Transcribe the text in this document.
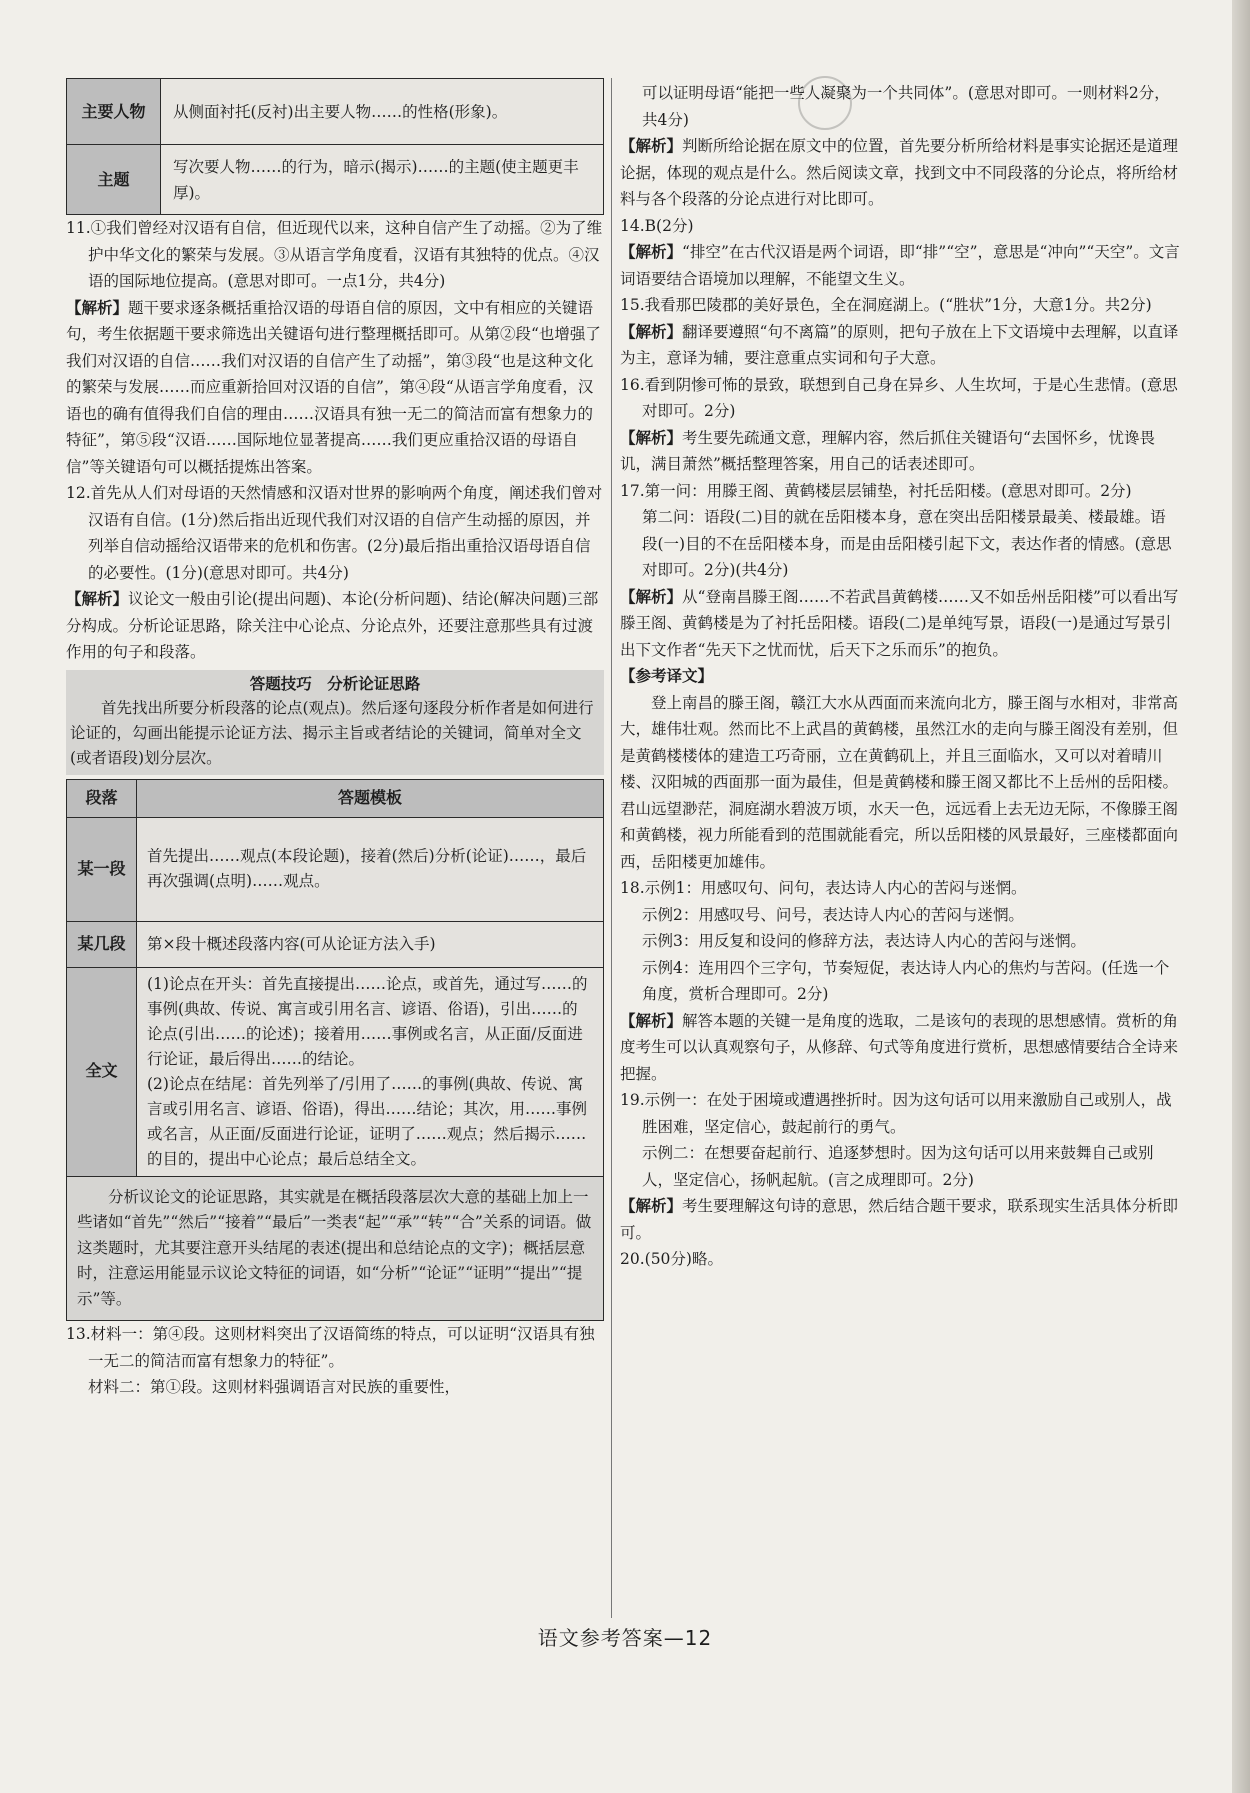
主要人物	从侧面衬托(反衬)出主要人物……的性格(形象)。
主题	写次要人物……的行为，暗示(揭示)……的主题(使主题更丰厚)。

11.①我们曾经对汉语有自信，但近现代以来，这种自信产生了动摇。②为了维护中华文化的繁荣与发展。③从语言学角度看，汉语有其独特的优点。④汉语的国际地位提高。(意思对即可。一点1分，共4分)

【解析】题干要求逐条概括重拾汉语的母语自信的原因，文中有相应的关键语句，考生依据题干要求筛选出关键语句进行整理概括即可。从第②段“也增强了我们对汉语的自信……我们对汉语的自信产生了动摇”，第③段“也是这种文化的繁荣与发展……而应重新拾回对汉语的自信”，第④段“从语言学角度看，汉语也的确有值得我们自信的理由……汉语具有独一无二的简洁而富有想象力的特征”，第⑤段“汉语……国际地位显著提高……我们更应重拾汉语的母语自信”等关键语句可以概括提炼出答案。

12.首先从人们对母语的天然情感和汉语对世界的影响两个角度，阐述我们曾对汉语有自信。(1分)然后指出近现代我们对汉语的自信产生动摇的原因，并列举自信动摇给汉语带来的危机和伤害。(2分)最后指出重拾汉语母语自信的必要性。(1分)(意思对即可。共4分)

【解析】议论文一般由引论(提出问题)、本论(分析问题)、结论(解决问题)三部分构成。分析论证思路，除关注中心论点、分论点外，还要注意那些具有过渡作用的句子和段落。

答题技巧　分析论证思路
首先找出所要分析段落的论点(观点)。然后逐句逐段分析作者是如何进行论证的，勾画出能提示论证方法、揭示主旨或者结论的关键词，简单对全文(或者语段)划分层次。
段落	答题模板
某一段	首先提出……观点(本段论题)，接着(然后)分析(论证)……，最后再次强调(点明)……观点。
某几段	第×段十概述段落内容(可从论证方法入手)
全文	(1)论点在开头：首先直接提出……论点，或首先，通过写……的事例(典故、传说、寓言或引用名言、谚语、俗语)，引出……的论点(引出……的论述)；接着用……事例或名言，从正面/反面进行论证，最后得出……的结论。
(2)论点在结尾：首先列举了/引用了……的事例(典故、传说、寓言或引用名言、谚语、俗语)，得出……结论；其次，用……事例或名言，从正面/反面进行论证，证明了……观点；然后揭示……的目的，提出中心论点；最后总结全文。

分析议论文的论证思路，其实就是在概括段落层次大意的基础上加上一些诸如“首先”“然后”“接着”“最后”一类表“起”“承”“转”“合”关系的词语。做这类题时，尤其要注意开头结尾的表述(提出和总结论点的文字)；概括层意时，注意运用能显示议论文特征的词语，如“分析”“论证”“证明”“提出”“提示”等。	

13.材料一：第④段。这则材料突出了汉语简练的特点，可以证明“汉语具有独一无二的简洁而富有想象力的特征”。

材料二：第①段。这则材料强调语言对民族的重要性，

可以证明母语“能把一些人凝聚为一个共同体”。(意思对即可。一则材料2分，共4分)

【解析】判断所给论据在原文中的位置，首先要分析所给材料是事实论据还是道理论据，体现的观点是什么。然后阅读文章，找到文中不同段落的分论点，将所给材料与各个段落的分论点进行对比即可。

14.B(2分)

【解析】“排空”在古代汉语是两个词语，即“排”“空”，意思是“冲向”“天空”。文言词语要结合语境加以理解，不能望文生义。

15.我看那巴陵郡的美好景色，全在洞庭湖上。(“胜状”1分，大意1分。共2分)

【解析】翻译要遵照“句不离篇”的原则，把句子放在上下文语境中去理解，以直译为主，意译为辅，要注意重点实词和句子大意。

16.看到阴惨可怖的景致，联想到自己身在异乡、人生坎坷，于是心生悲情。(意思对即可。2分)

【解析】考生要先疏通文意，理解内容，然后抓住关键语句“去国怀乡，忧谗畏讥，满目萧然”概括整理答案，用自己的话表述即可。

17.第一问：用滕王阁、黄鹤楼层层铺垫，衬托岳阳楼。(意思对即可。2分)

第二问：语段(二)目的就在岳阳楼本身，意在突出岳阳楼景最美、楼最雄。语段(一)目的不在岳阳楼本身，而是由岳阳楼引起下文，表达作者的情感。(意思对即可。2分)(共4分)

【解析】从“登南昌滕王阁……不若武昌黄鹤楼……又不如岳州岳阳楼”可以看出写滕王阁、黄鹤楼是为了衬托岳阳楼。语段(二)是单纯写景，语段(一)是通过写景引出下文作者“先天下之忧而忧，后天下之乐而乐”的抱负。

【参考译文】

登上南昌的滕王阁，赣江大水从西面而来流向北方，滕王阁与水相对，非常高大，雄伟壮观。然而比不上武昌的黄鹤楼，虽然江水的走向与滕王阁没有差别，但是黄鹤楼楼体的建造工巧奇丽，立在黄鹤矶上，并且三面临水，又可以对着晴川楼、汉阳城的西面那一面为最佳，但是黄鹤楼和滕王阁又都比不上岳州的岳阳楼。君山远望渺茫，洞庭湖水碧波万顷，水天一色，远远看上去无边无际，不像滕王阁和黄鹤楼，视力所能看到的范围就能看完，所以岳阳楼的风景最好，三座楼都面向西，岳阳楼更加雄伟。

18.示例1：用感叹句、问句，表达诗人内心的苦闷与迷惘。

示例2：用感叹号、问号，表达诗人内心的苦闷与迷惘。

示例3：用反复和设问的修辞方法，表达诗人内心的苦闷与迷惘。

示例4：连用四个三字句，节奏短促，表达诗人内心的焦灼与苦闷。(任选一个角度，赏析合理即可。2分)

【解析】解答本题的关键一是角度的选取，二是该句的表现的思想感情。赏析的角度考生可以认真观察句子，从修辞、句式等角度进行赏析，思想感情要结合全诗来把握。

19.示例一：在处于困境或遭遇挫折时。因为这句话可以用来激励自己或别人，战胜困难，坚定信心，鼓起前行的勇气。

示例二：在想要奋起前行、追逐梦想时。因为这句话可以用来鼓舞自己或别人，坚定信心，扬帆起航。(言之成理即可。2分)

【解析】考生要理解这句诗的意思，然后结合题干要求，联系现实生活具体分析即可。

20.(50分)略。

语文参考答案—12
